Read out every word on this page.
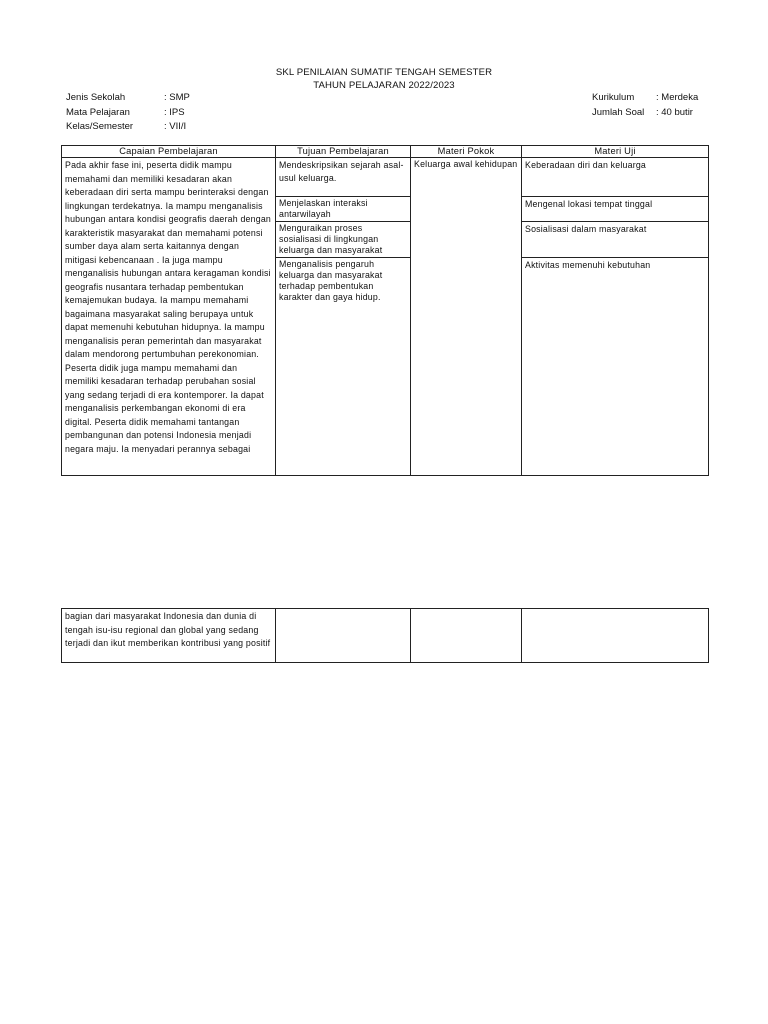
SKL PENILAIAN SUMATIF TENGAH SEMESTER
TAHUN PELAJARAN 2022/2023
Jenis Sekolah	: SMP
Mata Pelajaran	: IPS
Kelas/Semester	: VII/I
Kurikulum	: Merdeka
Jumlah Soal	: 40 butir
Capaian Pembelajaran	Tujuan Pembelajaran	Materi Pokok	Materi Uji
Pada akhir fase ini, peserta didik mampu memahami dan memiliki kesadaran akan keberadaan diri serta mampu berinteraksi dengan lingkungan terdekatnya. Ia mampu menganalisis hubungan antara kondisi geografis daerah dengan karakteristik masyarakat dan memahami potensi sumber daya alam serta kaitannya dengan mitigasi kebencanaan . Ia juga mampu menganalisis hubungan antara keragaman kondisi geografis nusantara terhadap pembentukan kemajemukan budaya. Ia mampu memahami bagaimana masyarakat saling berupaya untuk dapat memenuhi kebutuhan hidupnya. Ia mampu menganalisis peran pemerintah dan masyarakat dalam mendorong pertumbuhan perekonomian. Peserta didik juga mampu memahami dan memiliki kesadaran terhadap perubahan sosial yang sedang terjadi di era kontemporer. Ia dapat menganalisis perkembangan ekonomi di era digital. Peserta didik memahami tantangan pembangunan dan potensi Indonesia menjadi negara maju. Ia menyadari perannya sebagai	Mendeskripsikan sejarah asal-usul keluarga.	Keluarga awal kehidupan	Keberadaan diri dan keluarga
	Menjelaskan interaksi antarwilayah		Mengenal lokasi tempat tinggal
	Menguraikan proses sosialisasi di lingkungan keluarga dan masyarakat		Sosialisasi dalam masyarakat
	Menganalisis pengaruh keluarga dan masyarakat terhadap pembentukan karakter dan gaya hidup.		Aktivitas memenuhi kebutuhan
bagian dari masyarakat Indonesia dan dunia di tengah isu-isu regional dan global yang sedang terjadi dan ikut memberikan kontribusi yang positif			
